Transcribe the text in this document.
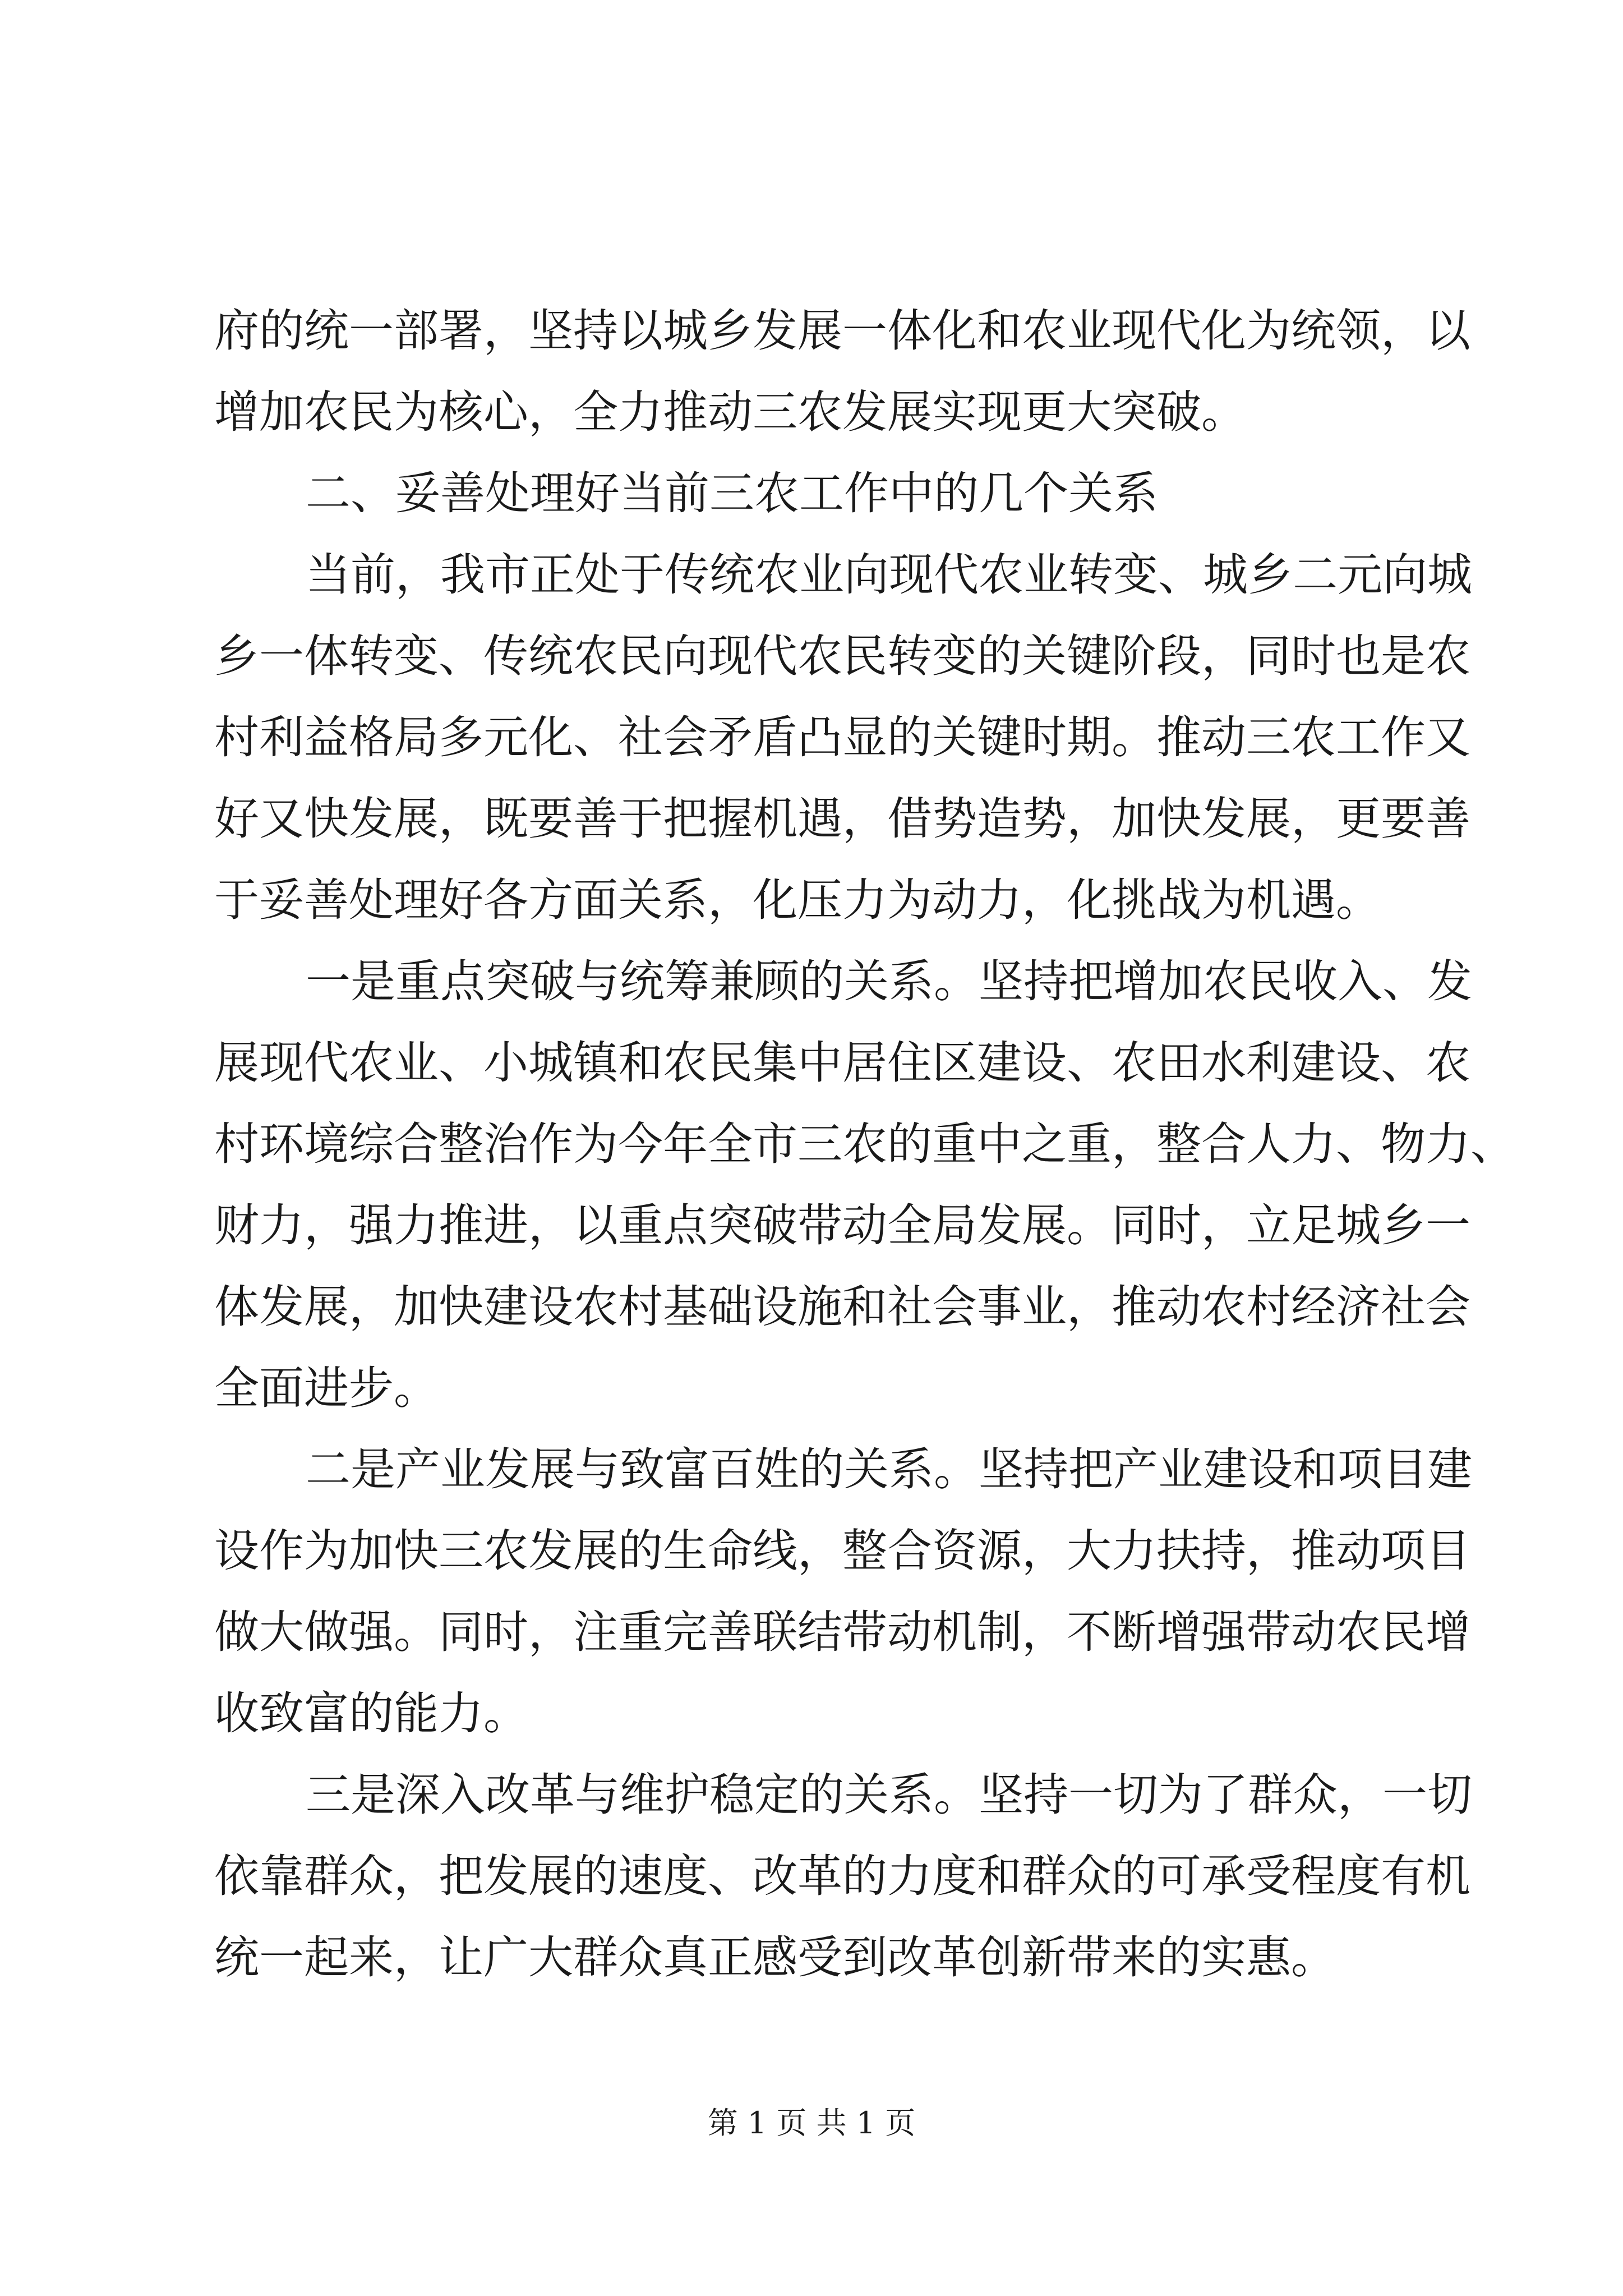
府的统一部署，坚持以城乡发展一体化和农业现代化为统领，以
增加农民为核心，全力推动三农发展实现更大突破。
二、妥善处理好当前三农工作中的几个关系
当前，我市正处于传统农业向现代农业转变、城乡二元向城
乡一体转变、传统农民向现代农民转变的关键阶段，同时也是农
村利益格局多元化、社会矛盾凸显的关键时期。推动三农工作又
好又快发展，既要善于把握机遇，借势造势，加快发展，更要善
于妥善处理好各方面关系，化压力为动力，化挑战为机遇。
一是重点突破与统筹兼顾的关系。坚持把增加农民收入、发
展现代农业、小城镇和农民集中居住区建设、农田水利建设、农
村环境综合整治作为今年全市三农的重中之重，整合人力、物力、
财力，强力推进，以重点突破带动全局发展。同时，立足城乡一
体发展，加快建设农村基础设施和社会事业，推动农村经济社会
全面进步。
二是产业发展与致富百姓的关系。坚持把产业建设和项目建
设作为加快三农发展的生命线，整合资源，大力扶持，推动项目
做大做强。同时，注重完善联结带动机制，不断增强带动农民增
收致富的能力。
三是深入改革与维护稳定的关系。坚持一切为了群众，一切
依靠群众，把发展的速度、改革的力度和群众的可承受程度有机
统一起来，让广大群众真正感受到改革创新带来的实惠。
第 1 页 共 1 页
